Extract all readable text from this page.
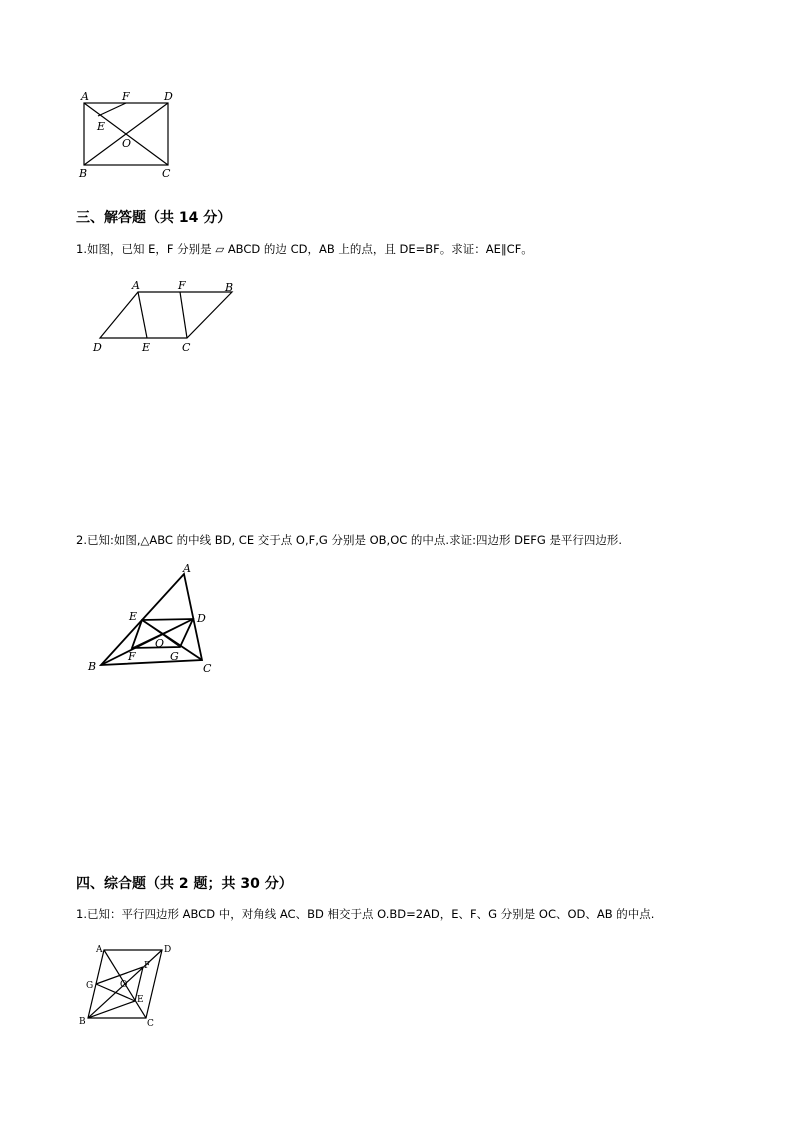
A	F	D
E
O
B	C
三、解答题（共 14 分）
1.如图，已知 E，F 分别是 ▱ ABCD 的边 CD，AB 上的点，且 DE=BF。求证：AE∥CF。
A	F	B
D	E	C
2.已知:如图,△ABC 的中线 BD, CE 交于点 O,F,G 分别是 OB,OC 的中点.求证:四边形 DEFG 是平行四边形.
A
E	D
O
F	G
B	C
四、综合题（共 2 题；共 30 分）
1.已知：平行四边形 ABCD 中，对角线 AC、BD 相交于点 O.BD=2AD，E、F、G 分别是 OC、OD、AB 的中点.
A	D
F
G	O
E
B	C
